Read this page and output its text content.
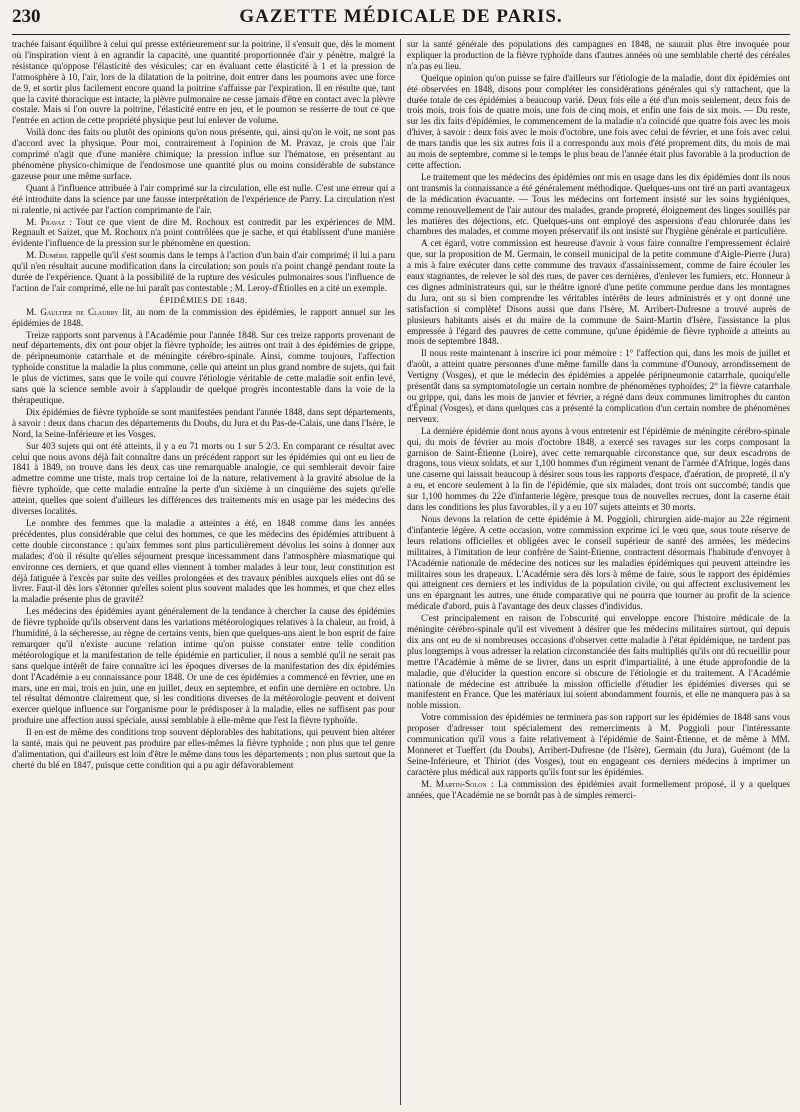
230	GAZETTE MÉDICALE DE PARIS.

trachée faisant équilibre à celui qui presse extérieurement sur la poitrine, il s'ensuit que, dès le moment où l'inspiration vient à en agrandir la capacité, une quantité proportionnée d'air y pénètre, malgré la résistance qu'oppose l'élasticité des vésicules; car en évaluant cette élasticité à 1 et la pression de l'atmosphère à 10, l'air, lors de la dilatation de la poitrine, doit entrer dans les poumons avec une force de 9, et sortir plus facilement encore quand la poitrine s'affaisse par l'expiration. Il en résulte que, tant que la cavité thoracique est intacte, la plèvre pulmonaire ne cesse jamais d'être en contact avec la plèvre costale. Mais si l'on ouvre la poitrine, l'élasticité entre en jeu, et le poumon se resserre de tout ce que l'entrée en action de cette propriété physique peut lui enlever de volume.

Voilà donc des faits ou plutôt des opinions qu'on nous présente, qui, ainsi qu'on le voit, ne sont pas d'accord avec la physique. Pour moi, contrairement à l'opinion de M. Pravaz, je crois que l'air comprimé n'agit que d'une manière chimique; la pression influe sur l'hématose, en présentant au phénomène physico-chimique de l'endosmose une quantité plus ou moins considérable de substance gazeuse pour une même surface.

Quant à l'influence attribuée à l'air comprimé sur la circulation, elle est nulle. C'est une erreur qui a été introduite dans la science par une fausse interprétation de l'expérience de Parry. La circulation n'est ni ralentie, ni activée par l'action comprimante de l'air.

M. Pravaz : Tout ce que vient de dire M. Rochoux est contredit par les expériences de MM. Regnault et Saizet, que M. Rochoux n'a point contrôlées que je sache, et qui établissent d'une manière évidente l'influence de la pression sur le phénomène en question.

M. Duméril rappelle qu'il s'est soumis dans le temps à l'action d'un bain d'air comprimé; il lui a paru qu'il n'en résultait aucune modification dans la circulation; son pouls n'a point changé pendant toute la durée de l'expérience. Quant à la possibilité de la rupture des vésicules pulmonaires sous l'influence de l'action de l'air comprimé, elle ne lui paraît pas contestable ; M. Leroy-d'Étiolles en a cité un exemple.

ÉPIDÉMIES DE 1848.

M. Gaultier de Claubry lit, au nom de la commission des épidémies, le rapport annuel sur les épidémies de 1848.

Treize rapports sont parvenus à l'Académie pour l'année 1848. Sur ces treize rapports provenant de neuf départements, dix ont pour objet la fièvre typhoïde; les autres ont trait à des épidémies de grippe, de péripneumonie catarrhale et de méningite cérébro-spinale. Ainsi, comme toujours, l'affection typhoïde constitue la maladie la plus commune, celle qui atteint un plus grand nombre de sujets, qui fait le plus de victimes, sans que le voile qui couvre l'étiologie véritable de cette maladie soit enfin levé, sans que la science semble avoir à s'applaudir de quelque progrès incontestable dans la voie de la thérapeutique.

Dix épidémies de fièvre typhoïde se sont manifestées pendant l'année 1848, dans sept départements, à savoir : deux dans chacun des départements du Doubs, du Jura et du Pas-de-Calais, une dans l'Isère, le Nord, la Seine-Inférieure et les Vosges.

Sur 403 sujets qui ont été atteints, il y a eu 71 morts ou 1 sur 5 2/3. En comparant ce résultat avec celui que nous avons déjà fait connaître dans un précédent rapport sur les épidémies qui ont eu lieu de 1841 à 1849, on trouve dans les deux cas une remarquable analogie, ce qui semblerait devoir faire admettre comme une triste, mais trop certaine loi de la nature, relativement à la gravité absolue de la fièvre typhoïde, que cette maladie entraîne la perte d'un sixième à un cinquième des sujets qu'elle atteint, quelles que soient d'ailleurs les différences des traitements mis en usage par les médecins des diverses localités.

Le nombre des femmes que la maladie a atteintes a été, en 1848 comme dans les années précédentes, plus considérable que celui des hommes, ce que les médecins des épidémies attribuent à cette double circonstance : qu'aux femmes sont plus particulièrement dévolus les soins à donner aux malades; d'où il résulte qu'elles séjournent presque incessamment dans l'atmosphère miasmatique qui environne ces derniers, et que quand elles viennent à tomber malades à leur tour, leur constitution est déjà fatiguée à l'excès par suite des veilles prolongées et des travaux pénibles auxquels elles ont dû se livrer. Faut-il dès lors s'étonner qu'elles soient plus souvent malades que les hommes, et que chez elles la maladie présente plus de gravité?

Les médecins des épidémies ayant généralement de la tendance à chercher la cause des épidémies de fièvre typhoïde qu'ils observent dans les variations météorologiques relatives à la chaleur, au froid, à l'humidité, à la sécheresse, au règne de certains vents, bien que quelques-uns aient le bon esprit de faire remarquer qu'il n'existe aucune relation intime qu'on puisse constater entre telle condition météorologique et la manifestation de telle épidémie en particulier, il nous a semblé qu'il ne serait pas sans quelque intérêt de faire connaître ici les époques diverses de la manifestation des dix épidémies dont l'Académie a eu connaissance pour 1848. Or une de ces épidémies a commencé en février, une en mars, une en mai, trois en juin, une en juillet, deux en septembre, et enfin une dernière en octobre. Un tel résultat démontre clairement que, si les conditions diverses de la météorologie peuvent et doivent exercer quelque influence sur l'organisme pour le prédisposer à la maladie, elles ne suffisent pas pour produire une affection aussi spéciale, aussi semblable à elle-même que l'est la fièvre typhoïde.

Il en est de même des conditions trop souvent déplorables des habitations, qui peuvent bien altérer la santé, mais qui ne peuvent pas produire par elles-mêmes la fièvre typhoïde ; non plus que tel genre d'alimentation, qui d'ailleurs est loin d'être le même dans tous les départements ; non plus surtout que la cherté du blé en 1847, puisque cette condition qui a pu agir défavorablement

sur la santé générale des populations des campagnes en 1848, ne saurait plus être invoquée pour expliquer la production de la fièvre typhoïde dans d'autres années où une semblable cherté des céréales n'a pas eu lieu.

Quelque opinion qu'on puisse se faire d'ailleurs sur l'étiologie de la maladie, dont dix épidémies ont été observées en 1848, disons pour compléter les considérations générales qui s'y rattachent, que la durée totale de ces épidémies a beaucoup varié. Deux fois elle a été d'un mois seulement, deux fois de trois mois, trois fois de quatre mois, une fois de cinq mois, et enfin une fois de six mois. — Du reste, sur les dix faits d'épidémies, le commencement de la maladie n'a coïncidé que quatre fois avec les mois d'hiver, à savoir : deux fois avec le mois d'octobre, une fois avec celui de février, et une fois avec celui de mars tandis que les six autres fois il a correspondu aux mois d'été proprement dits, du mois de mai au mois de septembre, comme si le temps le plus beau de l'année était plus favorable à la production de cette affection.

Le traitement que les médecins des épidémies ont mis en usage dans les dix épidémies dont ils nous ont transmis la connaissance a été généralement méthodique. Quelques-uns ont tiré un parti avantageux de la médication évacuante. — Tous les médecins ont fortement insisté sur les soins hygiéniques, comme renouvellement de l'air autour des malades, grande propreté, éloignement des linges souillés par les matières des déjections, etc. Quelques-uns ont employé des aspersions d'eau chlorurée dans les chambres des malades, et comme moyen préservatif ils ont insisté sur l'hygiène générale et particulière.

A cet égard, votre commission est heureuse d'avoir à vous faire connaître l'empressement éclairé que, sur la proposition de M. Germain, le conseil municipal de la petite commune d'Aigle-Pierre (Jura) a mis à faire exécuter dans cette commune des travaux d'assainissement, comme de faire écouler les eaux stagnantes, de relever le sol des rues, de paver ces dernières, d'enlever les fumiers, etc. Honneur à ces dignes administrateurs qui, sur le théâtre ignoré d'une petite commune perdue dans les montagnes du Jura, ont su si bien comprendre les véritables intérêts de leurs administrés et y ont donné une satisfaction si complète! Disons aussi que dans l'Isère, M. Arribert-Dufresne a trouvé auprès de plusieurs habitants aisés et du maire de la commune de Saint-Martin d'Isère, l'assistance la plus empressée à l'égard des pauvres de cette commune, qu'une épidémie de fièvre typhoïde a atteints au mois de septembre 1848.

Il nous reste maintenant à inscrire ici pour mémoire : 1° l'affection qui, dans les mois de juillet et d'août, a atteint quatre personnes d'une même famille dans la commune d'Ounouy, arrondissement de Vertigny (Vosges), et que le médecin des épidémies a appelée péripneumonie catarrhale, quoiqu'elle présentât dans sa symptomatologie un certain nombre de phénomènes typhoïdes; 2° la fièvre catarrhale ou grippe, qui, dans les mois de janvier et février, a régné dans deux communes limitrophes du canton d'Épinal (Vosges), et dans quelques cas a présenté la complication d'un certain nombre de phénomènes nerveux.

La dernière épidémie dont nous ayons à vous entretenir est l'épidémie de méningite cérébro-spinale qui, du mois de février au mois d'octobre 1848, a exercé ses ravages sur les corps composant la garnison de Saint-Étienne (Loire), avec cette remarquable circonstance que, sur deux escadrons de dragons, tous vieux soldats, et sur 1,100 hommes d'un régiment venant de l'armée d'Afrique, logés dans une caserne qui laissait beaucoup à désirer sous tous les rapports d'espace, d'aération, de propreté, il n'y a eu, et encore seulement à la fin de l'épidémie, que six malades, dont trois ont succombé; tandis que sur 1,100 hommes du 22e d'infanterie légère, presque tous de nouvelles recrues, dont la caserne était dans les conditions les plus favorables, il y a eu 107 sujets atteints et 30 morts.

Nous devons la relation de cette épidémie à M. Poggioli, chirurgien aide-major au 22e régiment d'infanterie légère. A cette occasion, votre commission exprime ici le vœu que, sous toute réserve de leurs relations officielles et obligées avec le conseil supérieur de santé des armées, les médecins militaires, à l'imitation de leur confrère de Saint-Étienne, contractent désormais l'habitude d'envoyer à l'Académie nationale de médecine des notices sur les maladies épidémiques qui peuvent atteindre les militaires sous les drapeaux. L'Académie sera dès lors à même de faire, sous le rapport des épidémies qui atteignent ces derniers et les individus de la population civile, ou qui affectent exclusivement les uns en épargnant les autres, une étude comparative qui ne pourra que tourner au profit de la science médicale d'abord, puis à l'avantage des deux classes d'individus.

C'est principalement en raison de l'obscurité qui enveloppe encore l'histoire médicale de la méningite cérébro-spinale qu'il est vivement à désirer que les médecins militaires surtout, qui depuis dix ans ont eu de si nombreuses occasions d'observer cette maladie à l'état épidémique, ne tardent pas plus longtemps à vous adresser la relation circonstanciée des faits multipliés qu'ils ont dû recueillir pour mettre l'Académie à même de se livrer, dans un esprit d'impartialité, à une étude approfondie de la maladie, que d'élucider la question encore si obscure de l'étiologie et du traitement. A l'Académie nationale de médecine est attribuée la mission officielle d'étudier les épidémies diverses qui se manifestent en France. Que les matériaux lui soient abondamment fournis, et elle ne manquera pas à sa noble mission.

Votre commission des épidémies ne terminera pas son rapport sur les épidémies de 1848 sans vous proposer d'adresser tout spécialement des remerciments à M. Poggioli pour l'intéressante communication qu'il vous a faite relativement à l'épidémie de Saint-Étienne, et de même à MM. Monneret et Tueffert (du Doubs), Arribert-Dufresne (de l'Isère), Germain (du Jura), Guémont (de la Seine-Inférieure, et Thiriot (des Vosges), tout en engageant ces derniers médecins à imprimer un caractère plus médical aux rapports qu'ils font sur les épidémies.

M. Martin-Solon : La commission des épidémies avait formellement proposé, il y a quelques années, que l'Académie ne se bornât pas à de simples remerci-
